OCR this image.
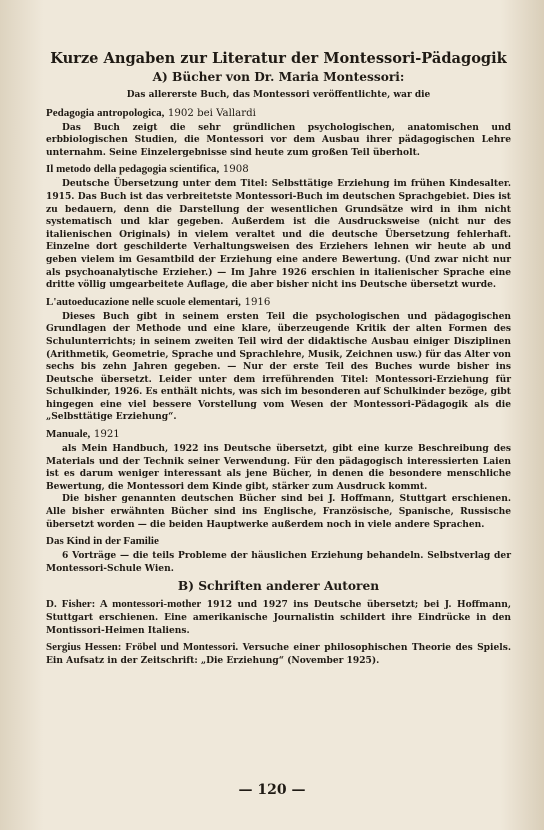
Kurze Angaben zur Literatur der Montessori-Pädagogik
A) Bücher von Dr. Maria Montessori:
Das allererste Buch, das Montessori veröffentlichte, war die
Pedagogia antropologica, 1902 bei Vallardi

Das Buch zeigt die sehr gründlichen psychologischen, anatomischen und erbbiologischen Studien, die Montessori vor dem Ausbau ihrer pädagogischen Lehre unternahm. Seine Einzelergebnisse sind heute zum großen Teil überholt.

Il metodo della pedagogia scientifica, 1908

Deutsche Übersetzung unter dem Titel: Selbsttätige Erziehung im frühen Kindesalter. 1915. Das Buch ist das verbreitetste Montessori-Buch im deutschen Sprachgebiet. Dies ist zu bedauern, denn die Darstellung der wesentlichen Grundsätze wird in ihm nicht systematisch und klar gegeben. Außerdem ist die Ausdrucksweise (nicht nur des italienischen Originals) in vielem veraltet und die deutsche Übersetzung fehlerhaft. Einzelne dort geschilderte Verhaltungsweisen des Erziehers lehnen wir heute ab und geben vielem im Gesamtbild der Erziehung eine andere Bewertung. (Und zwar nicht nur als psychoanalytische Erzieher.) — Im Jahre 1926 erschien in italienischer Sprache eine dritte völlig umgearbeitete Auflage, die aber bisher nicht ins Deutsche übersetzt wurde.

L'autoeducazione nelle scuole elementari, 1916

Dieses Buch gibt in seinem ersten Teil die psychologischen und pädagogischen Grundlagen der Methode und eine klare, überzeugende Kritik der alten Formen des Schulunterrichts; in seinem zweiten Teil wird der didaktische Ausbau einiger Disziplinen (Arithmetik, Geometrie, Sprache und Sprachlehre, Musik, Zeichnen usw.) für das Alter von sechs bis zehn Jahren gegeben. — Nur der erste Teil des Buches wurde bisher ins Deutsche übersetzt. Leider unter dem irreführenden Titel: Montessori-Erziehung für Schulkinder, 1926. Es enthält nichts, was sich im besonderen auf Schulkinder bezöge, gibt hingegen eine viel bessere Vorstellung vom Wesen der Montessori-Pädagogik als die „Selbsttätige Erziehung“.

Manuale, 1921

als Mein Handbuch, 1922 ins Deutsche übersetzt, gibt eine kurze Beschreibung des Materials und der Technik seiner Verwendung. Für den pädagogisch interessierten Laien ist es darum weniger interessant als jene Bücher, in denen die besondere menschliche Bewertung, die Montessori dem Kinde gibt, stärker zum Ausdruck kommt.

Die bisher genannten deutschen Bücher sind bei J. Hoffmann, Stuttgart erschienen. Alle bisher erwähnten Bücher sind ins Englische, Französische, Spanische, Russische übersetzt worden — die beiden Hauptwerke außerdem noch in viele andere Sprachen.

Das Kind in der Familie

6 Vorträge — die teils Probleme der häuslichen Erziehung behandeln. Selbstverlag der Montessori-Schule Wien.

B) Schriften anderer Autoren

D. Fisher: A montessori-mother 1912 und 1927 ins Deutsche übersetzt; bei J. Hoffmann, Stuttgart erschienen. Eine amerikanische Journalistin schildert ihre Eindrücke in den Montissori-Heimen Italiens.

Sergius Hessen: Fröbel und Montessori. Versuche einer philosophischen Theorie des Spiels. Ein Aufsatz in der Zeitschrift: „Die Erziehung“ (November 1925).

— 120 —
